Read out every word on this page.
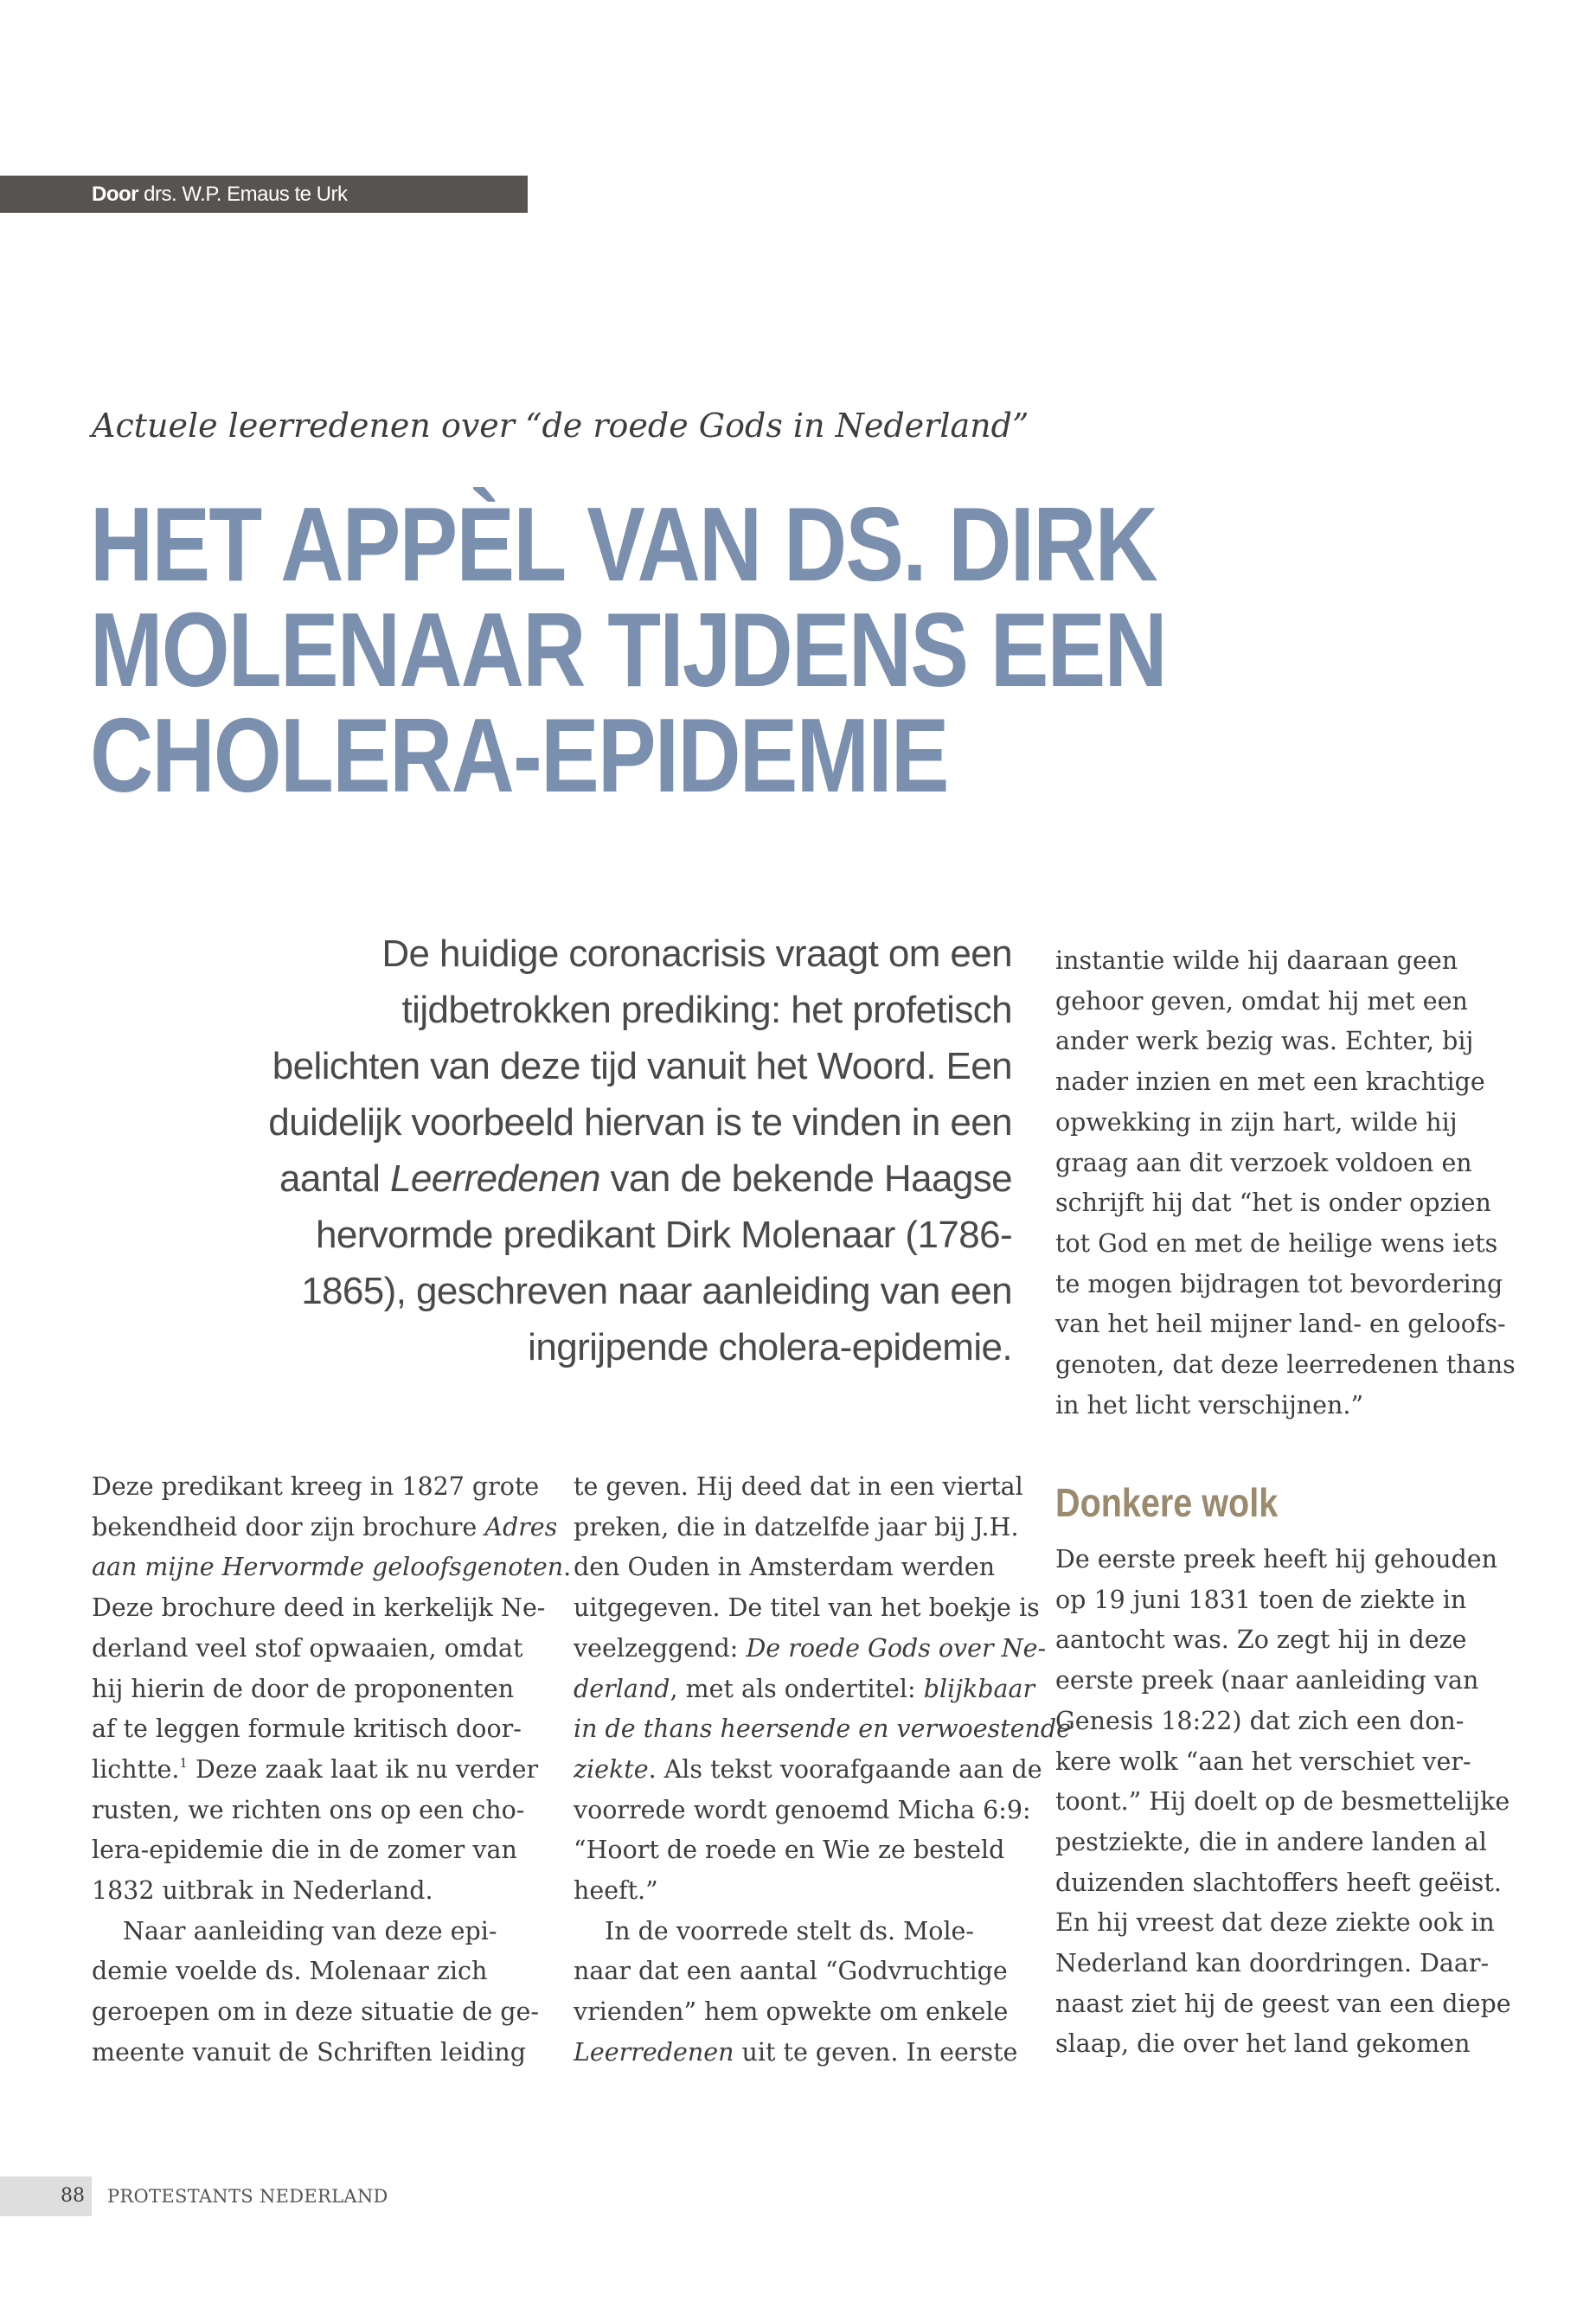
Door drs. W.P. Emaus te Urk

Actuele leerredenen over “de roede Gods in Nederland”

HET APPÈL VAN DS. DIRK
MOLENAAR TIJDENS EEN
CHOLERA-EPIDEMIE

De huidige coronacrisis vraagt om een tijdbetrokken prediking: het profetisch belichten van deze tijd vanuit het Woord. Een duidelijk voorbeeld hiervan is te vinden in een aantal Leerredenen van de bekende Haagse hervormde predikant Dirk Molenaar (1786-1865), geschreven naar aanleiding van een ingrijpende cholera-epidemie.

Deze predikant kreeg in 1827 grote
bekendheid door zijn brochure Adres
aan mijne Hervormde geloofsgenoten.
Deze brochure deed in kerkelijk Ne-
derland veel stof opwaaien, omdat
hij hierin de door de proponenten
af te leggen formule kritisch door-
lichtte.$^1$ Deze zaak laat ik nu verder
rusten, we richten ons op een cho-
lera-epidemie die in de zomer van
1832 uitbrak in Nederland.

Naar aanleiding van deze epi-
demie voelde ds. Molenaar zich
geroepen om in deze situatie de ge-
meente vanuit de Schriften leiding

te geven. Hij deed dat in een viertal
preken, die in datzelfde jaar bij J.H.
den Ouden in Amsterdam werden
uitgegeven. De titel van het boekje is
veelzeggend: De roede Gods over Ne-
derland, met als ondertitel: blijkbaar
in de thans heersende en verwoestende
ziekte. Als tekst voorafgaande aan de
voorrede wordt genoemd Micha 6:9:
“Hoort de roede en Wie ze besteld
heeft.”

In de voorrede stelt ds. Mole-
naar dat een aantal “Godvruchtige
vrienden” hem opwekte om enkele
Leerredenen uit te geven. In eerste

instantie wilde hij daaraan geen
gehoor geven, omdat hij met een
ander werk bezig was. Echter, bij
nader inzien en met een krachtige
opwekking in zijn hart, wilde hij
graag aan dit verzoek voldoen en
schrijft hij dat “het is onder opzien
tot God en met de heilige wens iets
te mogen bijdragen tot bevordering
van het heil mijner land- en geloofs-
genoten, dat deze leerredenen thans
in het licht verschijnen.”

Donkere wolk

De eerste preek heeft hij gehouden
op 19 juni 1831 toen de ziekte in
aantocht was. Zo zegt hij in deze
eerste preek (naar aanleiding van
Genesis 18:22) dat zich een don-
kere wolk “aan het verschiet ver-
toont.” Hij doelt op de besmettelijke
pestziekte, die in andere landen al
duizenden slachtoffers heeft geëist.
En hij vreest dat deze ziekte ook in
Nederland kan doordringen. Daar-
naast ziet hij de geest van een diepe
slaap, die over het land gekomen

88	PROTESTANTS NEDERLAND
